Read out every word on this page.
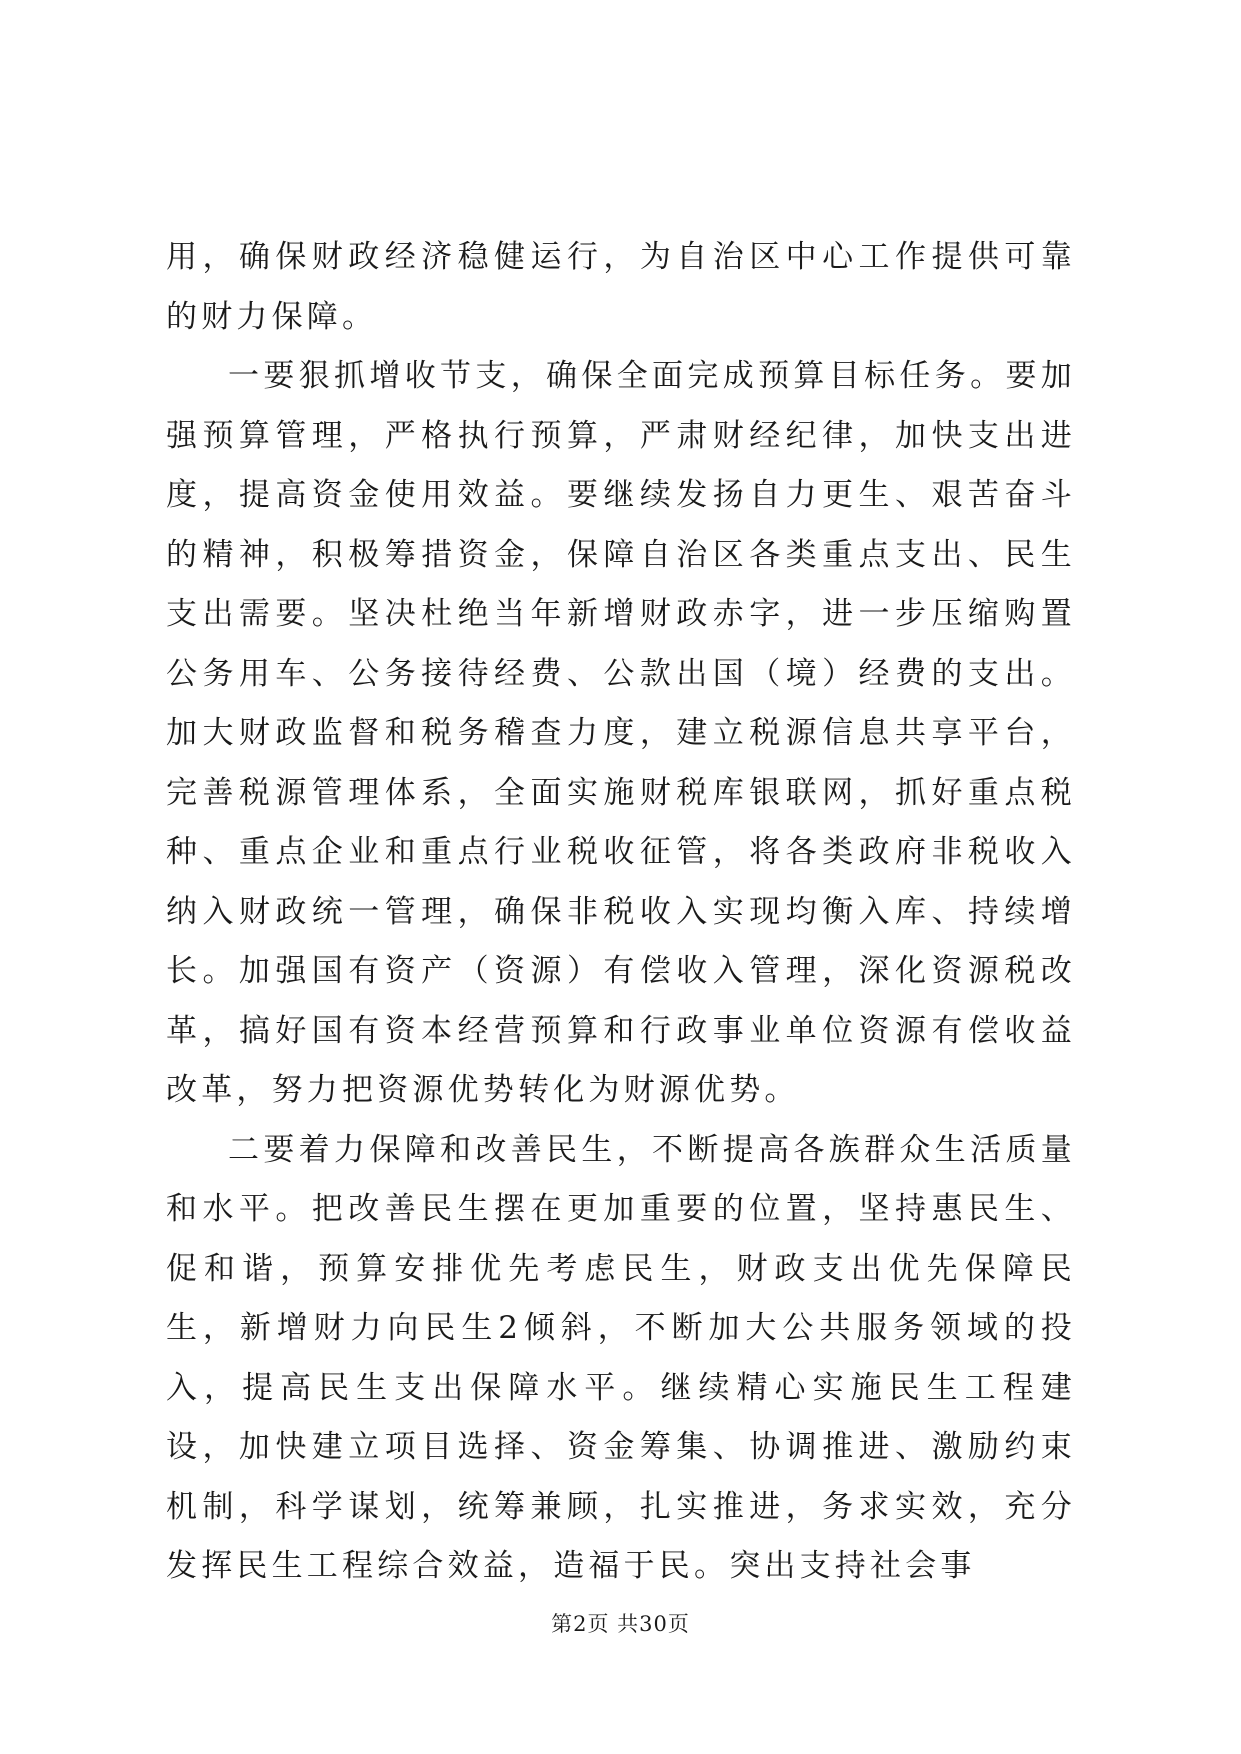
用，确保财政经济稳健运行，为自治区中心工作提供可靠的财力保障。

一要狠抓增收节支，确保全面完成预算目标任务。要加强预算管理，严格执行预算，严肃财经纪律，加快支出进度，提高资金使用效益。要继续发扬自力更生、艰苦奋斗的精神，积极筹措资金，保障自治区各类重点支出、民生支出需要。坚决杜绝当年新增财政赤字，进一步压缩购置公务用车、公务接待经费、公款出国（境）经费的支出。加大财政监督和税务稽查力度，建立税源信息共享平台，完善税源管理体系，全面实施财税库银联网，抓好重点税种、重点企业和重点行业税收征管，将各类政府非税收入纳入财政统一管理，确保非税收入实现均衡入库、持续增长。加强国有资产（资源）有偿收入管理，深化资源税改革，搞好国有资本经营预算和行政事业单位资源有偿收益改革，努力把资源优势转化为财源优势。

二要着力保障和改善民生，不断提高各族群众生活质量和水平。把改善民生摆在更加重要的位置，坚持惠民生、促和谐，预算安排优先考虑民生，财政支出优先保障民生，新增财力向民生2倾斜，不断加大公共服务领域的投入，提高民生支出保障水平。继续精心实施民生工程建设，加快建立项目选择、资金筹集、协调推进、激励约束机制，科学谋划，统筹兼顾，扎实推进，务求实效，充分发挥民生工程综合效益，造福于民。突出支持社会事

第2页 共30页
